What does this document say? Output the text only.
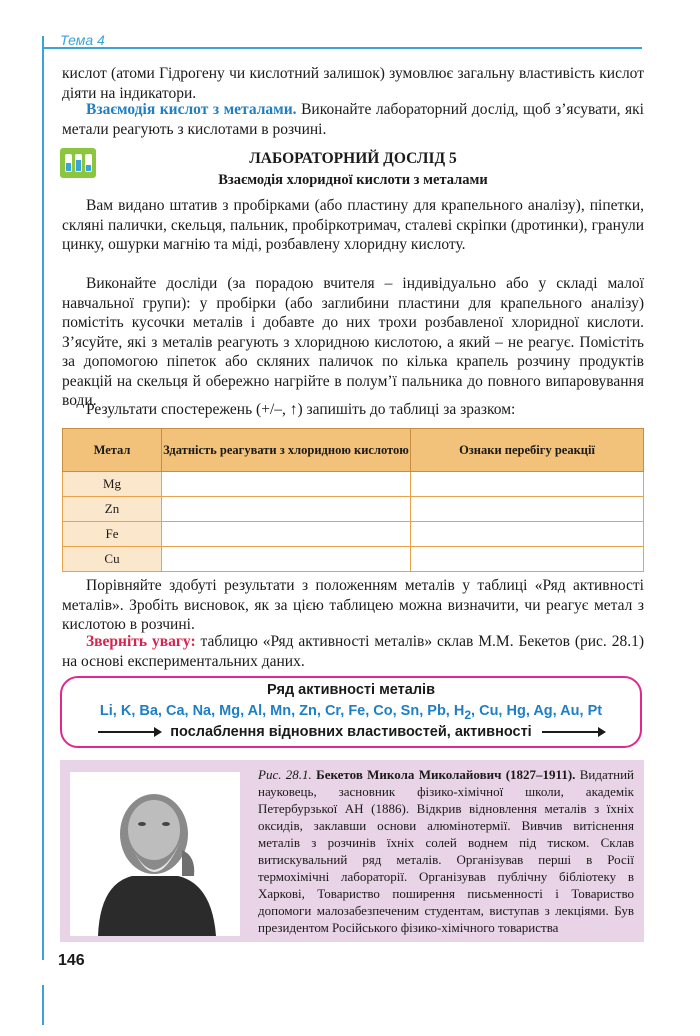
Тема 4
кислот (атоми Гідрогену чи кислотний залишок) зумовлює загальну властивість кислот діяти на індикатори.
Взаємодія кислот з металами. Виконайте лабораторний дослід, щоб з’ясувати, які метали реагують з кислотами в розчині.
ЛАБОРАТОРНИЙ ДОСЛІД 5
Взаємодія хлоридної кислоти з металами
Вам видано штатив з пробірками (або пластину для крапельного аналізу), піпетки, скляні палички, скельця, пальник, пробіркотримач, сталеві скріпки (дротинки), гранули цинку, ошурки магнію та міді, розбавлену хлоридну кислоту.
Виконайте досліди (за порадою вчителя – індивідуально або у складі малої навчальної групи): у пробірки (або заглибини пластини для крапельного аналізу) помістіть кусочки металів і добавте до них трохи розбавленої хлоридної кислоти. З’ясуйте, які з металів реагують з хлоридною кислотою, а який – не реагує. Помістіть за допомогою піпеток або скляних паличок по кілька крапель розчину продуктів реакцій на скельця й обережно нагрійте в полум’ї пальника до повного випаровування води.
Результати спостережень (+/–, ↑) запишіть до таблиці за зразком:
Метал	Здатність реагувати з хлоридною кислотою	Ознаки перебігу реакції
Mg		
Zn		
Fe		
Cu		
Порівняйте здобуті результати з положенням металів у таблиці «Ряд активності металів». Зробіть висновок, як за цією таблицею можна визначити, чи реагує метал з кислотою в розчині.
Зверніть увагу: таблицю «Ряд активності металів» склав М.М. Бекетов (рис. 28.1) на основі експериментальних даних.
Ряд активності металів
Li, K, Ba, Ca, Na, Mg, Al, Mn, Zn, Cr, Fe, Co, Sn, Pb, $H_2$, Cu, Hg, Ag, Au, Pt
послаблення відновних властивостей, активності
Рис. 28.1. Бекетов Микола Миколайович (1827–1911). Видатний науковець, засновник фізико-хімічної школи, академік Петербурзької АН (1886). Відкрив відновлення металів з їхніх оксидів, заклавши основи алюмінотермії. Вивчив витіснення металів з розчинів їхніх солей воднем під тиском. Склав витискувальний ряд металів. Організував перші в Росії термохімічні лабораторії. Організував публічну бібліотеку в Харкові, Товариство поширення письменності і Товариство допомоги малозабезпеченим студентам, виступав з лекціями. Був президентом Російського фізико-хімічного товариства
146
